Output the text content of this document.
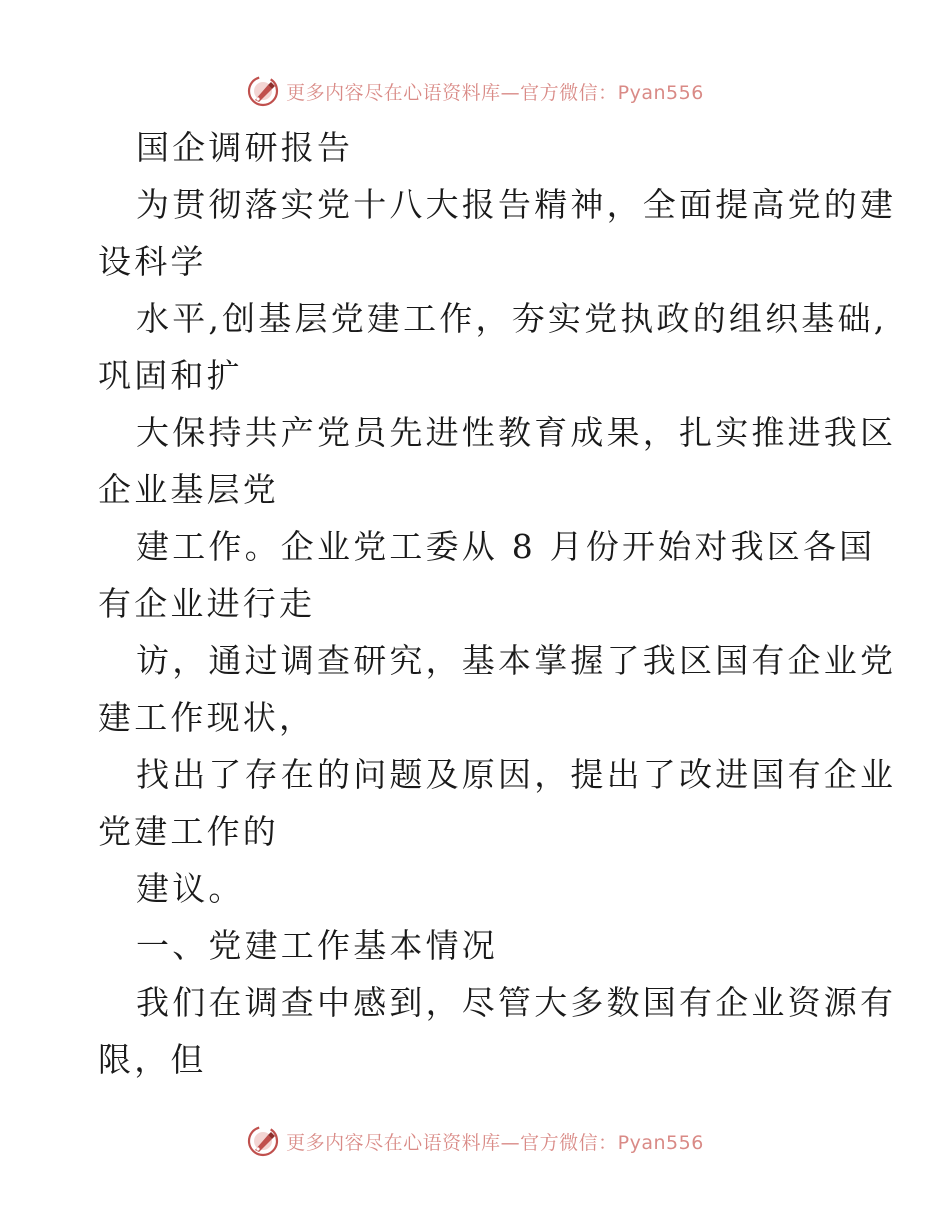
更多内容尽在心语资料库—官方微信：Pyan556
国企调研报告
为贯彻落实党十八大报告精神，全面提高党的建
设科学
水平,创基层党建工作，夯实党执政的组织基础,
巩固和扩
大保持共产党员先进性教育成果，扎实推进我区
企业基层党
建工作。企业党工委从 8 月份开始对我区各国
有企业进行走
访，通过调查研究，基本掌握了我区国有企业党
建工作现状，
找出了存在的问题及原因，提出了改进国有企业
党建工作的
建议。
一、党建工作基本情况
我们在调查中感到，尽管大多数国有企业资源有
限，但
更多内容尽在心语资料库—官方微信：Pyan556
